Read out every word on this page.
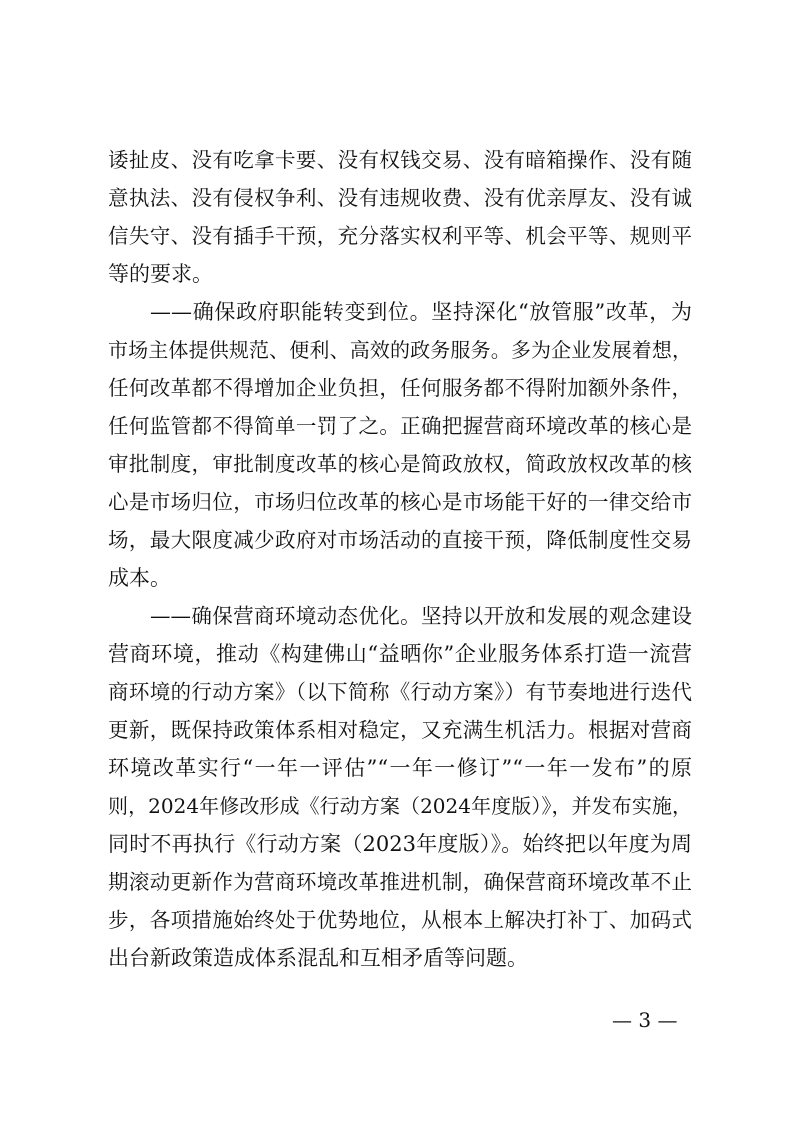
诿扯皮、没有吃拿卡要、没有权钱交易、没有暗箱操作、没有随
意执法、没有侵权争利、没有违规收费、没有优亲厚友、没有诚
信失守、没有插手干预，充分落实权利平等、机会平等、规则平
等的要求。
——确保政府职能转变到位。坚持深化“放管服”改革，为
市场主体提供规范、便利、高效的政务服务。多为企业发展着想，
任何改革都不得增加企业负担，任何服务都不得附加额外条件，
任何监管都不得简单一罚了之。正确把握营商环境改革的核心是
审批制度，审批制度改革的核心是简政放权，简政放权改革的核
心是市场归位，市场归位改革的核心是市场能干好的一律交给市
场，最大限度减少政府对市场活动的直接干预，降低制度性交易
成本。
——确保营商环境动态优化。坚持以开放和发展的观念建设
营商环境，推动《构建佛山“益晒你”企业服务体系打造一流营
商环境的行动方案》（以下简称《行动方案》）有节奏地进行迭代
更新，既保持政策体系相对稳定，又充满生机活力。根据对营商
环境改革实行“一年一评估”“一年一修订”“一年一发布”的原
则，2024年修改形成《行动方案（2024年度版）》，并发布实施，
同时不再执行《行动方案（2023年度版）》。始终把以年度为周
期滚动更新作为营商环境改革推进机制，确保营商环境改革不止
步，各项措施始终处于优势地位，从根本上解决打补丁、加码式
出台新政策造成体系混乱和互相矛盾等问题。
— 3 —
